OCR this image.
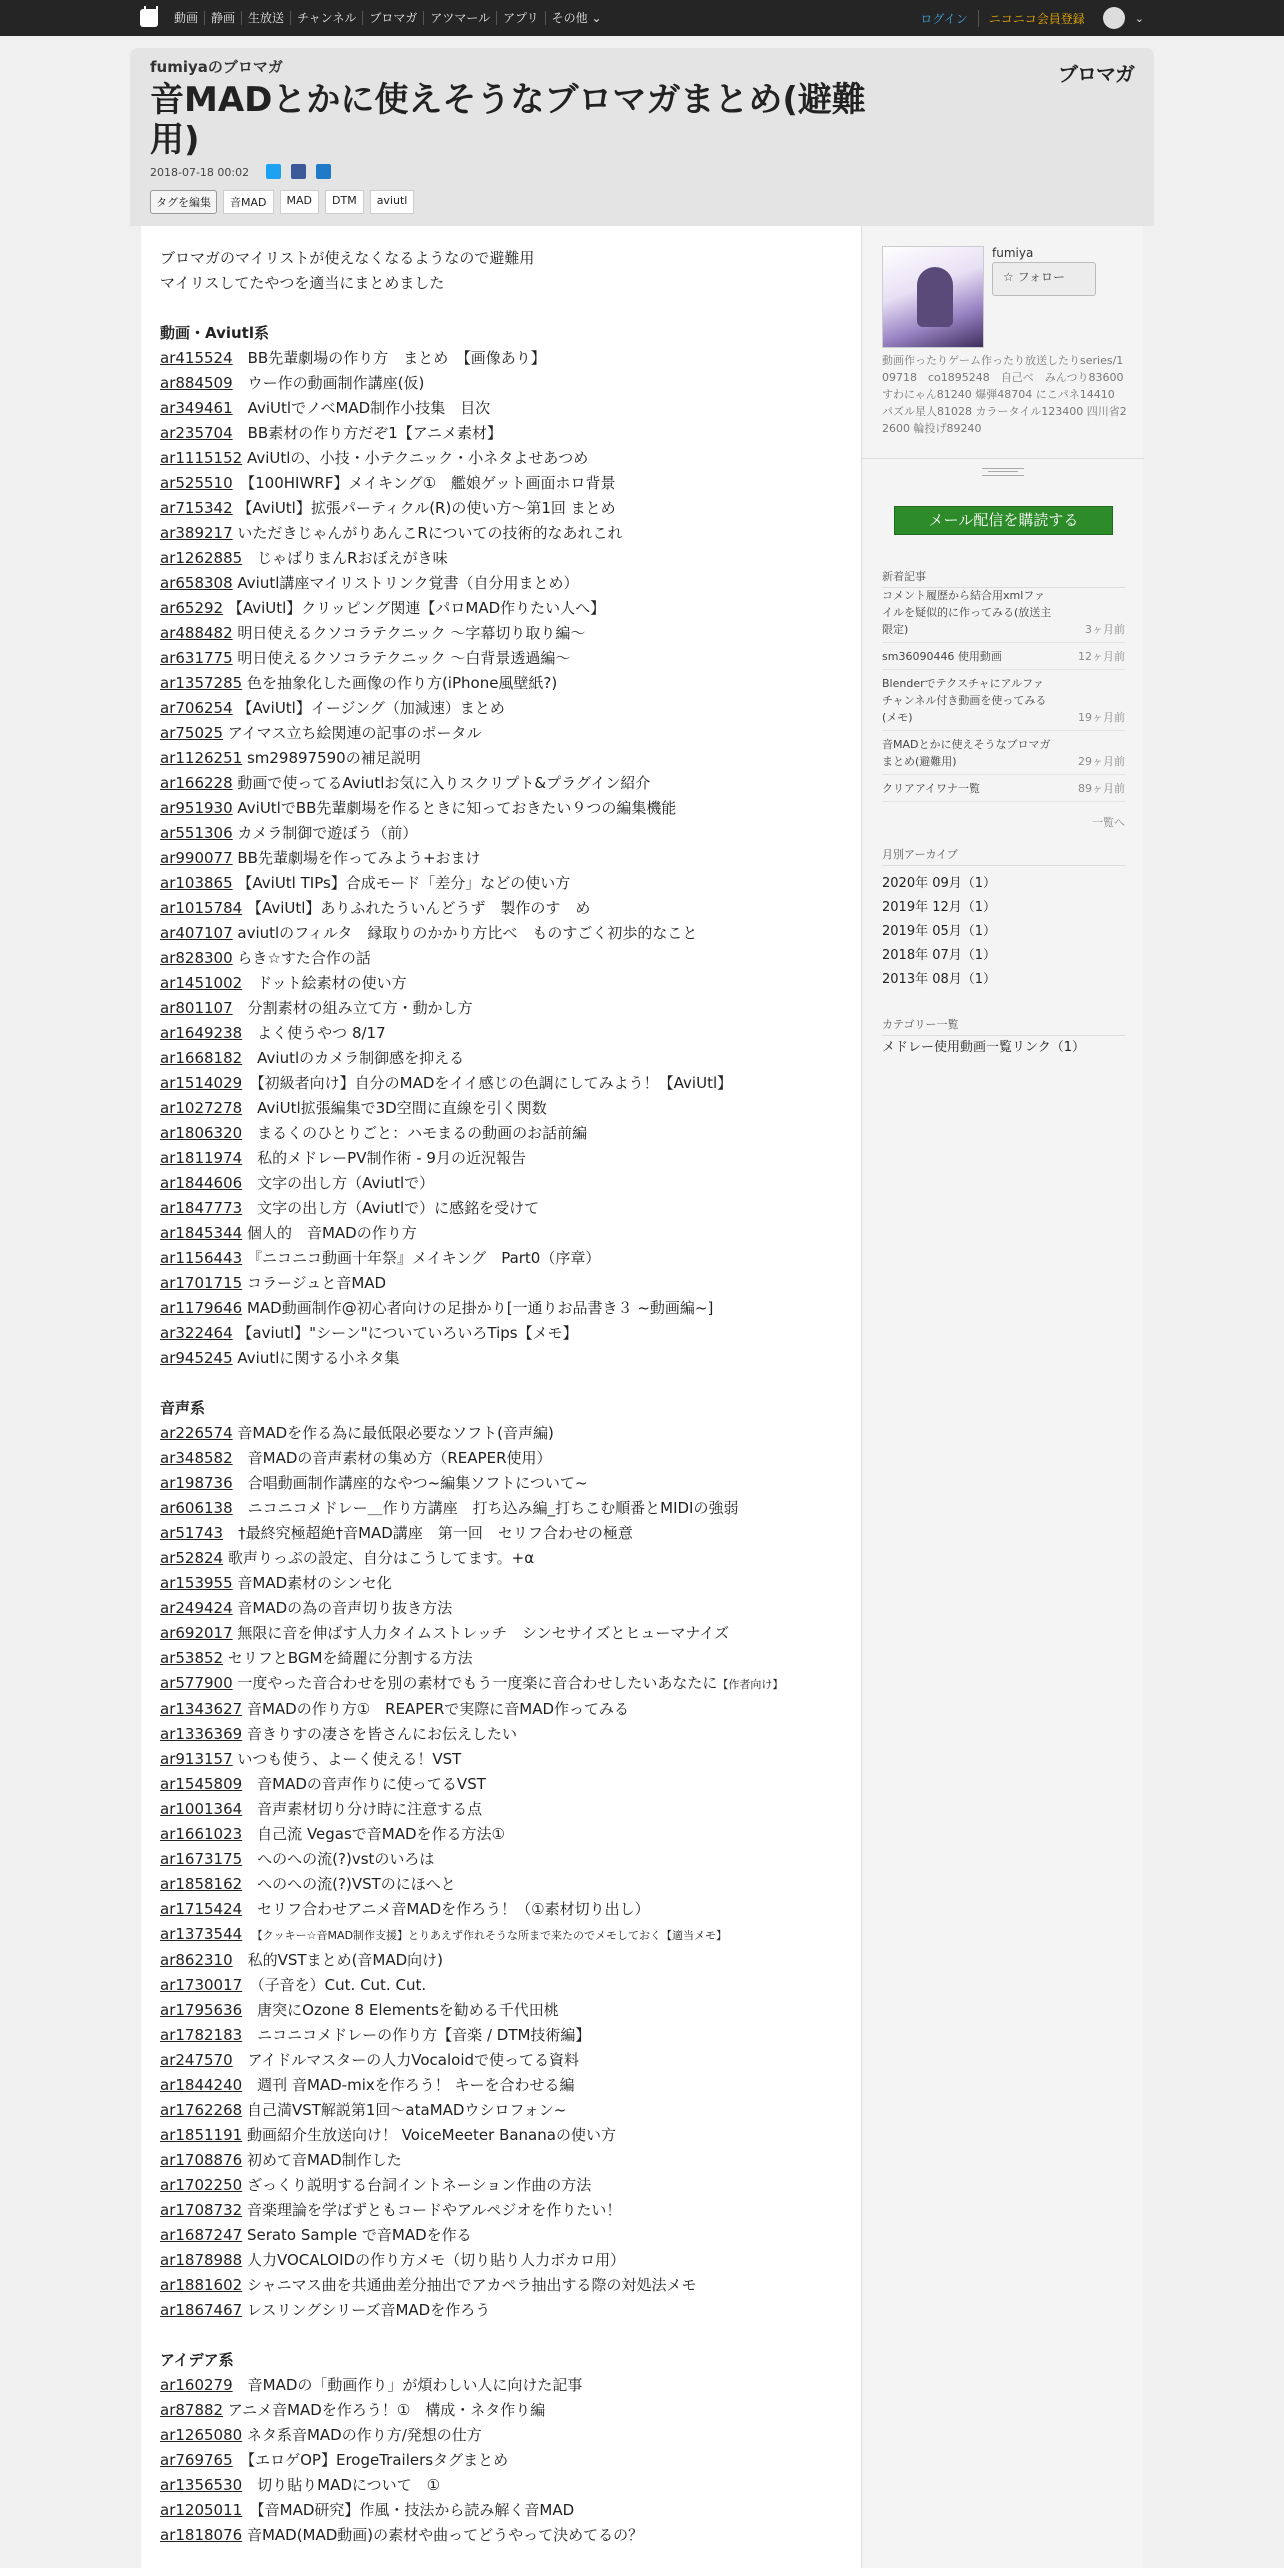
動画	静画	生放送	チャンネル	ブロマガ	アツマール	アプリ	その他 ⌄	ログイン	ニコニコ会員登録	⌄
fumiyaのブロマガ	ブロマガ
音MADとかに使えそうなブロマガまとめ(避難用)
2018-07-18 00:02
タグを編集	音MAD	MAD	DTM	aviutl
ブロマガのマイリストが使えなくなるようなので避難用
マイリスしてたやつを適当にまとめました
動画・Aviutl系
ar415524　BB先輩劇場の作り方　まとめ　【画像あり】
ar884509　ウー作の動画制作講座(仮)
ar349461　AviUtlでノベMAD制作小技集　目次
ar235704　BB素材の作り方だぞ1【アニメ素材】
ar1115152 AviUtlの、小技・小テクニック・小ネタよせあつめ
ar525510　【100HIWRF】メイキング①　艦娘ゲット画面ホロ背景
ar715342 【AviUtl】拡張パーティクル(R)の使い方～第1回 まとめ
ar389217 いただきじゃんがりあんこRについての技術的なあれこれ
ar1262885　じゃばりまんRおぼえがき味
ar658308 Aviutl講座マイリストリンク覚書（自分用まとめ）
ar65292 【AviUtl】クリッピング関連【パロMAD作りたい人へ】
ar488482 明日使えるクソコラテクニック ～字幕切り取り編～
ar631775 明日使えるクソコラテクニック ～白背景透過編～
ar1357285 色を抽象化した画像の作り方(iPhone風壁紙?)
ar706254 【AviUtl】イージング（加減速）まとめ
ar75025 アイマス立ち絵関連の記事のポータル
ar1126251 sm29897590の補足説明
ar166228 動画で使ってるAviutlお気に入りスクリプト&プラグイン紹介
ar951930 AviUtlでBB先輩劇場を作るときに知っておきたい９つの編集機能
ar551306 カメラ制御で遊ぼう（前）
ar990077 BB先輩劇場を作ってみよう+おまけ
ar103865 【AviUtl TIPs】合成モード「差分」などの使い方
ar1015784 【AviUtl】ありふれたういんどうず　製作のす　め
ar407107 aviutlのフィルタ　縁取りのかかり方比べ　ものすごく初歩的なこと
ar828300 らき☆すた合作の話
ar1451002　ドット絵素材の使い方
ar801107　分割素材の組み立て方・動かし方
ar1649238　よく使うやつ 8/17
ar1668182　Aviutlのカメラ制御感を抑える
ar1514029　【初級者向け】自分のMADをイイ感じの色調にしてみよう！【AviUtl】
ar1027278　AviUtl拡張編集で3D空間に直線を引く関数
ar1806320　まるくのひとりごと：ハモまるの動画のお話前編
ar1811974　私的メドレーPV制作術 - 9月の近況報告
ar1844606　文字の出し方（Aviutlで）
ar1847773　文字の出し方（Aviutlで）に感銘を受けて
ar1845344 個人的　音MADの作り方
ar1156443 『ニコニコ動画十年祭』メイキング　Part0（序章）
ar1701715 コラージュと音MAD
ar1179646 MAD動画制作@初心者向けの足掛かり[一通りお品書き３ ~動画編~]
ar322464 【aviutl】"シーン"についていろいろTips【メモ】
ar945245 Aviutlに関する小ネタ集
音声系
ar226574 音MADを作る為に最低限必要なソフト(音声編)
ar348582　音MADの音声素材の集め方（REAPER使用）
ar198736　合唱動画制作講座的なやつ~編集ソフトについて~
ar606138　ニコニコメドレー＿作り方講座　打ち込み編_打ちこむ順番とMIDIの強弱
ar51743　†最終究極超絶†音MAD講座　第一回　セリフ合わせの極意
ar52824 歌声りっぷの設定、自分はこうしてます。+α
ar153955 音MAD素材のシンセ化
ar249424 音MADの為の音声切り抜き方法
ar692017 無限に音を伸ばす人力タイムストレッチ　シンセサイズとヒューマナイズ
ar53852 セリフとBGMを綺麗に分割する方法
ar577900 一度やった音合わせを別の素材でもう一度楽に音合わせしたいあなたに【作者向け】
ar1343627 音MADの作り方①　REAPERで実際に音MAD作ってみる
ar1336369 音きりすの凄さを皆さんにお伝えしたい
ar913157 いつも使う、よーく使える！VST
ar1545809　音MADの音声作りに使ってるVST
ar1001364　音声素材切り分け時に注意する点
ar1661023　自己流 Vegasで音MADを作る方法①
ar1673175　へのへの流(?)vstのいろは
ar1858162　へのへの流(?)VSTのにほへと
ar1715424　セリフ合わせアニメ音MADを作ろう！（①素材切り出し）
ar1373544　 【クッキー☆音MAD制作支援】とりあえず作れそうな所まで来たのでメモしておく【適当メモ】
ar862310　私的VSTまとめ(音MAD向け)
ar1730017　（子音を）Cut. Cut. Cut.
ar1795636　唐突にOzone 8 Elementsを勧める千代田桃
ar1782183　ニコニコメドレーの作り方【音楽 / DTM技術編】
ar247570　アイドルマスターの人力Vocaloidで使ってる資料
ar1844240　週刊 音MAD-mixを作ろう！ キーを合わせる編
ar1762268 自己満VST解説第1回～ataMADウシロフォン~
ar1851191 動画紹介生放送向け！ VoiceMeeter Bananaの使い方
ar1708876 初めて音MAD制作した
ar1702250 ざっくり説明する台詞イントネーション作曲の方法
ar1708732 音楽理論を学ばずともコードやアルペジオを作りたい！
ar1687247 Serato Sample で音MADを作る
ar1878988 人力VOCALOIDの作り方メモ（切り貼り人力ボカロ用）
ar1881602 シャニマス曲を共通曲差分抽出でアカペラ抽出する際の対処法メモ
ar1867467 レスリングシリーズ音MADを作ろう
アイデア系
ar160279　音MADの「動画作り」が煩わしい人に向けた記事
ar87882 アニメ音MADを作ろう！①　構成・ネタ作り編
ar1265080 ネタ系音MADの作り方/発想の仕方
ar769765　【エロゲOP】ErogeTrailersタグまとめ
ar1356530　切り貼りMADについて　①
ar1205011　【音MAD研究】作風・技法から読み解く音MAD
ar1818076 音MAD(MAD動画)の素材や曲ってどうやって決めてるの？
fumiya
☆ フォロー
動画作ったりゲーム作ったり放送したりseries/109718　co1895248　自己べ　みんつり83600 すわにゃん81240 爆弾48704 にこパネ14410 パズル星人81028 カラータイル123400 四川省22600 輪投げ89240
メール配信を購読する
新着記事
コメント履歴から結合用xmlファイルを疑似的に作ってみる(放送主限定)	3ヶ月前
sm36090446 使用動画	12ヶ月前
Blenderでテクスチャにアルファチャンネル付き動画を使ってみる(メモ)	19ヶ月前
音MADとかに使えそうなブロマガまとめ(避難用)	29ヶ月前
クリアアイワナ一覧	89ヶ月前
一覧へ
月別アーカイブ
2020年 09月（1）
2019年 12月（1）
2019年 05月（1）
2018年 07月（1）
2013年 08月（1）
カテゴリー一覧
メドレー使用動画一覧リンク（1）
